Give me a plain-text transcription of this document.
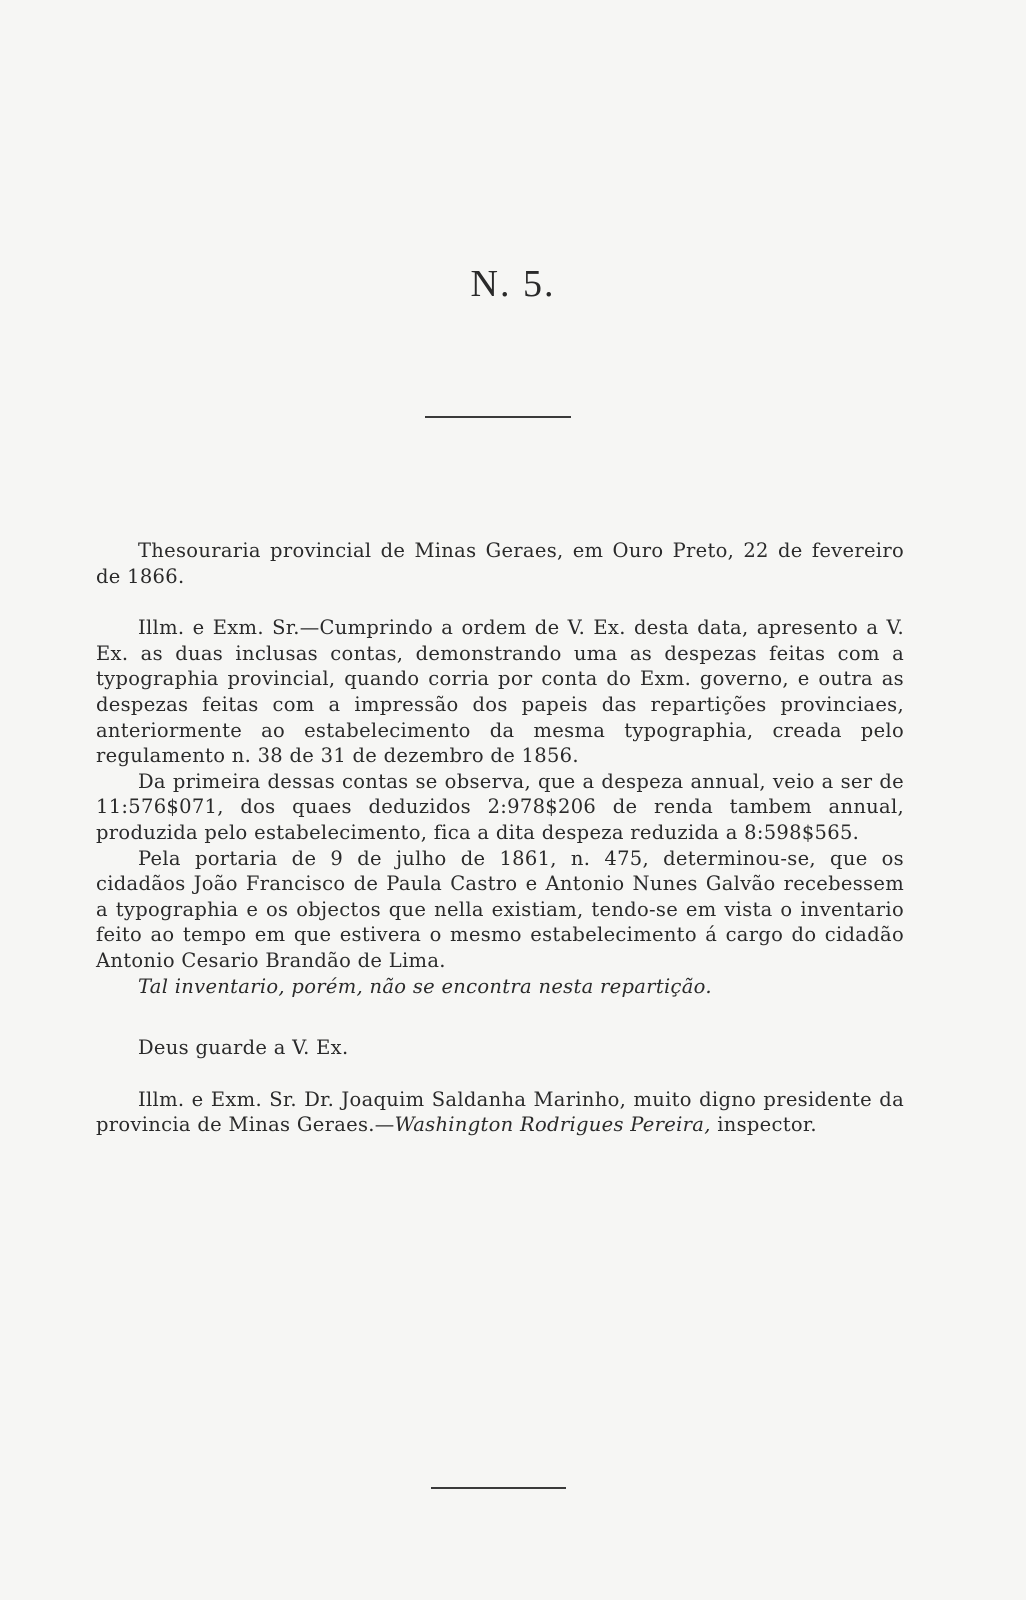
N. 5.

Thesouraria provincial de Minas Geraes, em Ouro Preto, 22 de fevereiro de 1866.

Illm. e Exm. Sr.—Cumprindo a ordem de V. Ex. desta data, apresento a V. Ex. as duas inclusas contas, demonstrando uma as despezas feitas com a typographia provincial, quando corria por conta do Exm. governo, e outra as despezas feitas com a impressão dos papeis das repartições provinciaes, anteriormente ao estabelecimento da mesma typographia, creada pelo regulamento n. 38 de 31 de dezembro de 1856.

Da primeira dessas contas se observa, que a despeza annual, veio a ser de 11:576$071, dos quaes deduzidos 2:978$206 de renda tambem annual, produzida pelo estabelecimento, fica a dita despeza reduzida a 8:598$565.

Pela portaria de 9 de julho de 1861, n. 475, determinou-se, que os cidadãos João Francisco de Paula Castro e Antonio Nunes Galvão recebessem a typographia e os objectos que nella existiam, tendo-se em vista o inventario feito ao tempo em que estivera o mesmo estabelecimento á cargo do cidadão Antonio Cesario Brandão de Lima.

Tal inventario, porém, não se encontra nesta repartição.

Deus guarde a V. Ex.

Illm. e Exm. Sr. Dr. Joaquim Saldanha Marinho, muito digno presidente da provincia de Minas Geraes.—Washington Rodrigues Pereira, inspector.
